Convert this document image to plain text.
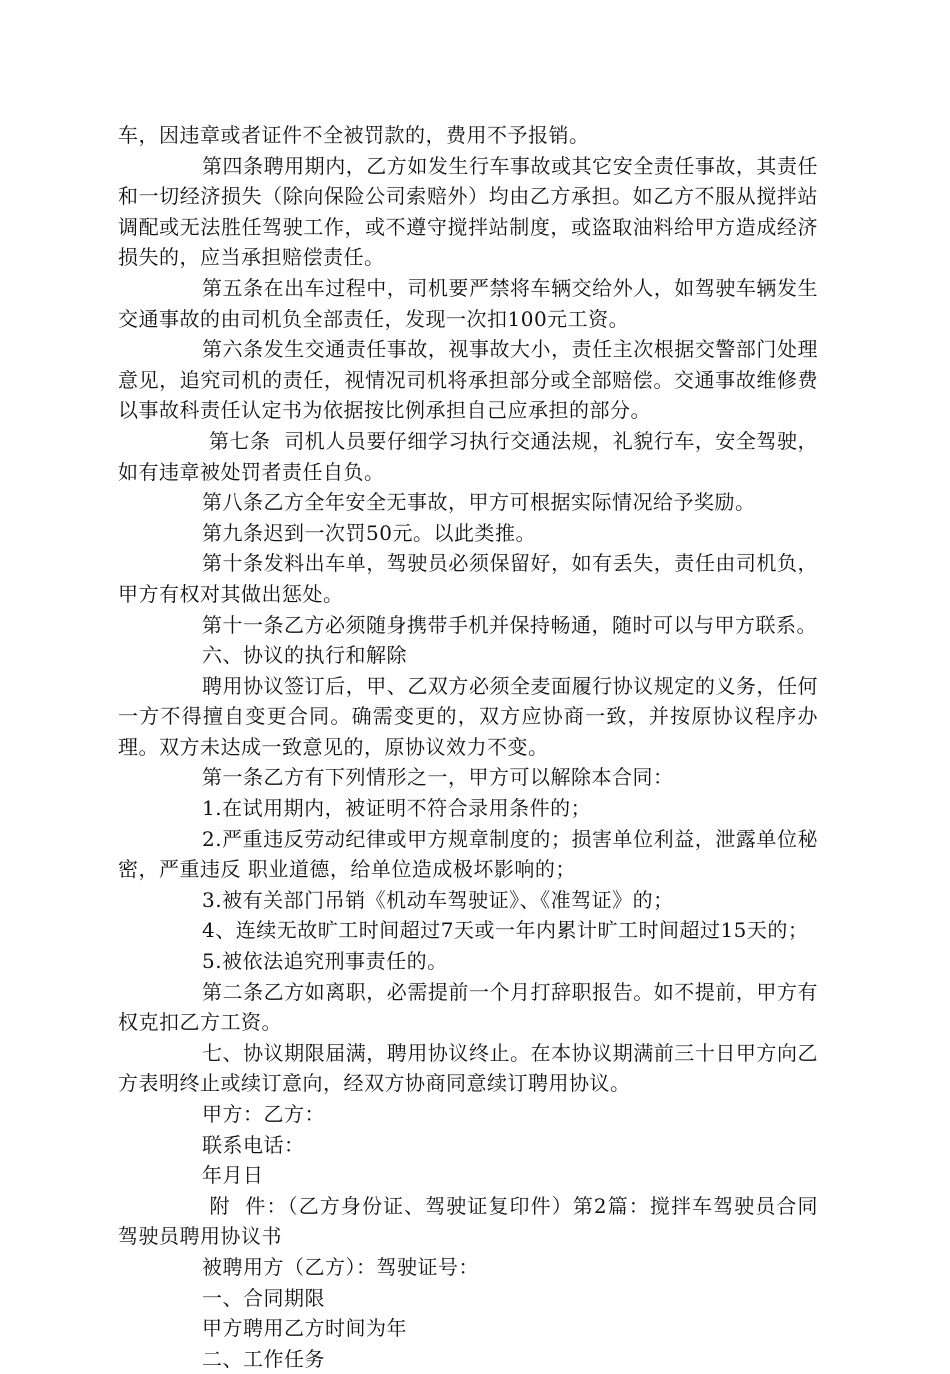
车，因违章或者证件不全被罚款的，费用不予报销。

第四条聘用期内，乙方如发生行车事故或其它安全责任事故，其责任和一切经济损失（除向保险公司索赔外）均由乙方承担。如乙方不服从搅拌站调配或无法胜任驾驶工作，或不遵守搅拌站制度，或盗取油料给甲方造成经济损失的，应当承担赔偿责任。

第五条在出车过程中，司机要严禁将车辆交给外人，如驾驶车辆发生交通事故的由司机负全部责任，发现一次扣100元工资。

第六条发生交通责任事故，视事故大小，责任主次根据交警部门处理意见，追究司机的责任，视情况司机将承担部分或全部赔偿。交通事故维修费以事故科责任认定书为依据按比例承担自己应承担的部分。

第七条  司机人员要仔细学习执行交通法规，礼貌行车，安全驾驶，如有违章被处罚者责任自负。

第八条乙方全年安全无事故，甲方可根据实际情况给予奖励。

第九条迟到一次罚50元。以此类推。

第十条发料出车单，驾驶员必须保留好，如有丢失，责任由司机负，甲方有权对其做出惩处。

第十一条乙方必须随身携带手机并保持畅通，随时可以与甲方联系。

六、协议的执行和解除

聘用协议签订后，甲、乙双方必须全麦面履行协议规定的义务，任何一方不得擅自变更合同。确需变更的，双方应协商一致，并按原协议程序办理。双方未达成一致意见的，原协议效力不变。

第一条乙方有下列情形之一，甲方可以解除本合同：

1.在试用期内，被证明不符合录用条件的；

2.严重违反劳动纪律或甲方规章制度的；损害单位利益，泄露单位秘密，严重违反 职业道德，给单位造成极坏影响的；

3.被有关部门吊销《机动车驾驶证》、《准驾证》的；

4、连续无故旷工时间超过7天或一年内累计旷工时间超过15天的；

5.被依法追究刑事责任的。

第二条乙方如离职，必需提前一个月打辞职报告。如不提前，甲方有权克扣乙方工资。

七、协议期限届满，聘用协议终止。在本协议期满前三十日甲方向乙方表明终止或续订意向，经双方协商同意续订聘用协议。

甲方：乙方：

联系电话：

年月日

附  件：（乙方身份证、驾驶证复印件）第2篇：搅拌车驾驶员合同驾驶员聘用协议书

被聘用方（乙方）：驾驶证号：

一、合同期限

甲方聘用乙方时间为年

二、工作任务
